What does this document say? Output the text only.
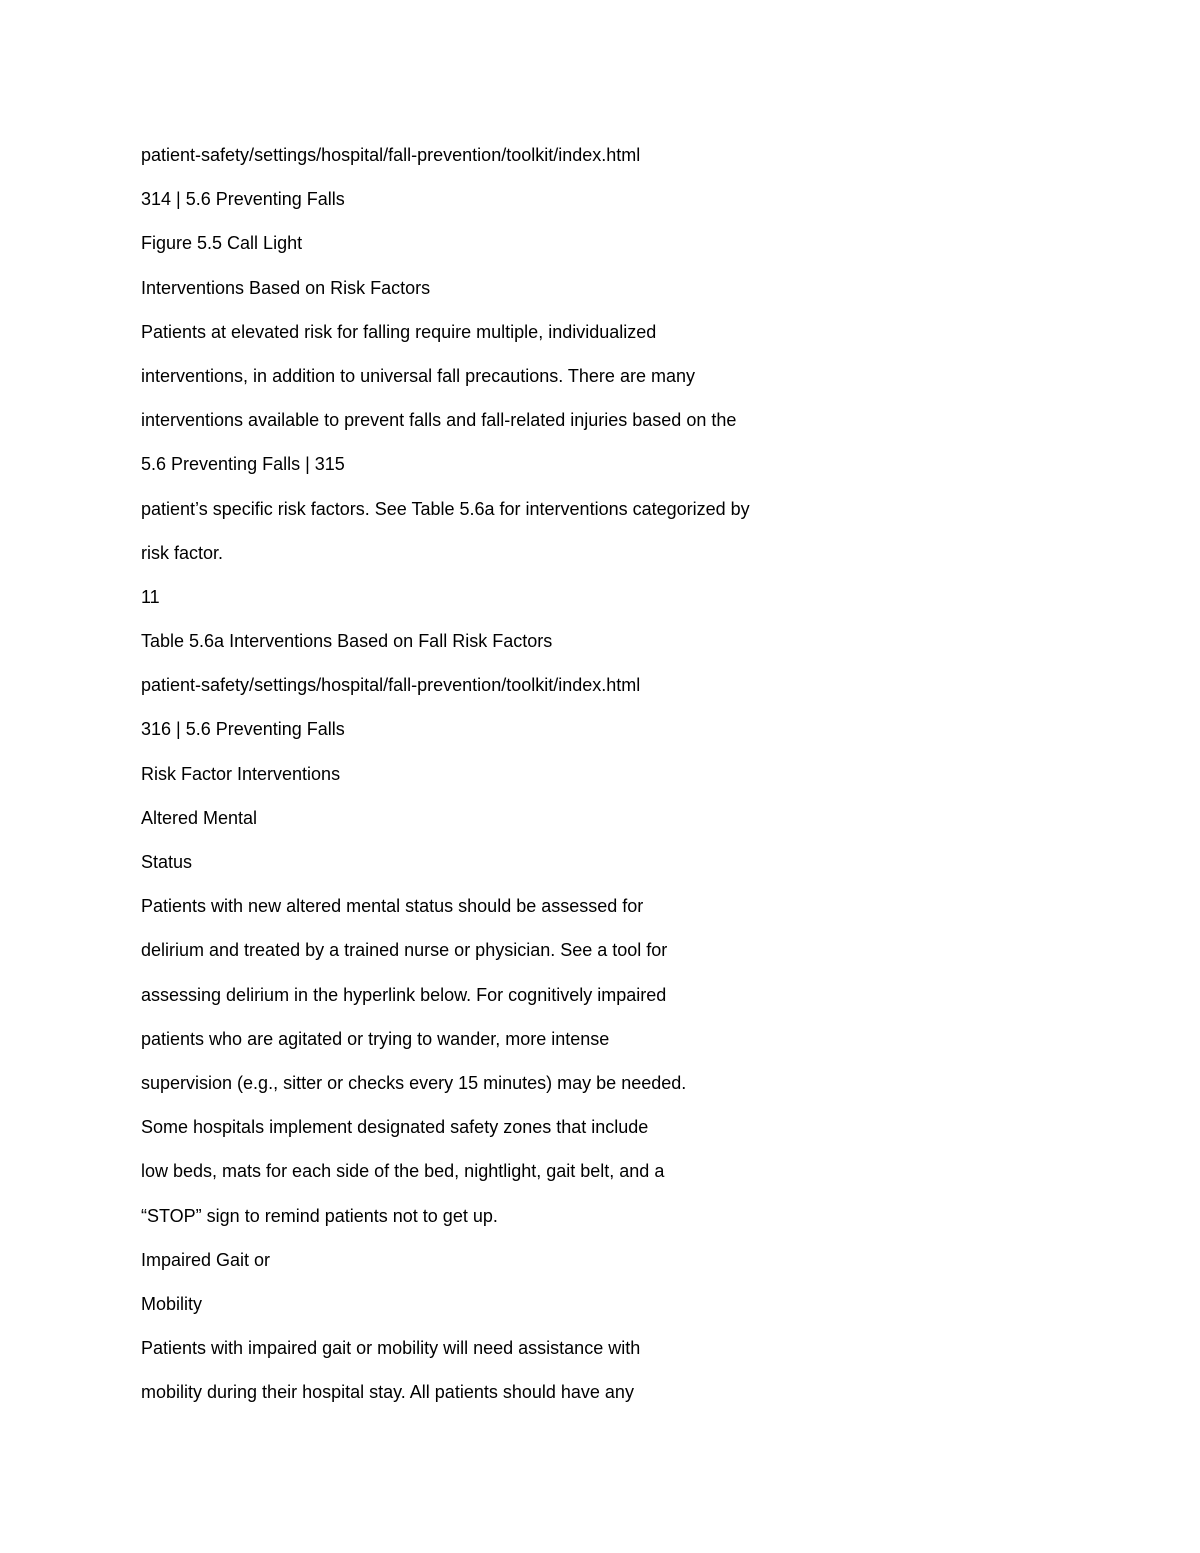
patient-safety/settings/hospital/fall-prevention/toolkit/index.html
314 | 5.6 Preventing Falls
Figure 5.5 Call Light
Interventions Based on Risk Factors
Patients at elevated risk for falling require multiple, individualized
interventions, in addition to universal fall precautions. There are many
interventions available to prevent falls and fall-related injuries based on the
5.6 Preventing Falls | 315
patient’s specific risk factors. See Table 5.6a for interventions categorized by
risk factor.
11
Table 5.6a Interventions Based on Fall Risk Factors
patient-safety/settings/hospital/fall-prevention/toolkit/index.html
316 | 5.6 Preventing Falls
Risk Factor Interventions
Altered Mental
Status
Patients with new altered mental status should be assessed for
delirium and treated by a trained nurse or physician. See a tool for
assessing delirium in the hyperlink below. For cognitively impaired
patients who are agitated or trying to wander, more intense
supervision (e.g., sitter or checks every 15 minutes) may be needed.
Some hospitals implement designated safety zones that include
low beds, mats for each side of the bed, nightlight, gait belt, and a
“STOP” sign to remind patients not to get up.
Impaired Gait or
Mobility
Patients with impaired gait or mobility will need assistance with
mobility during their hospital stay. All patients should have any
